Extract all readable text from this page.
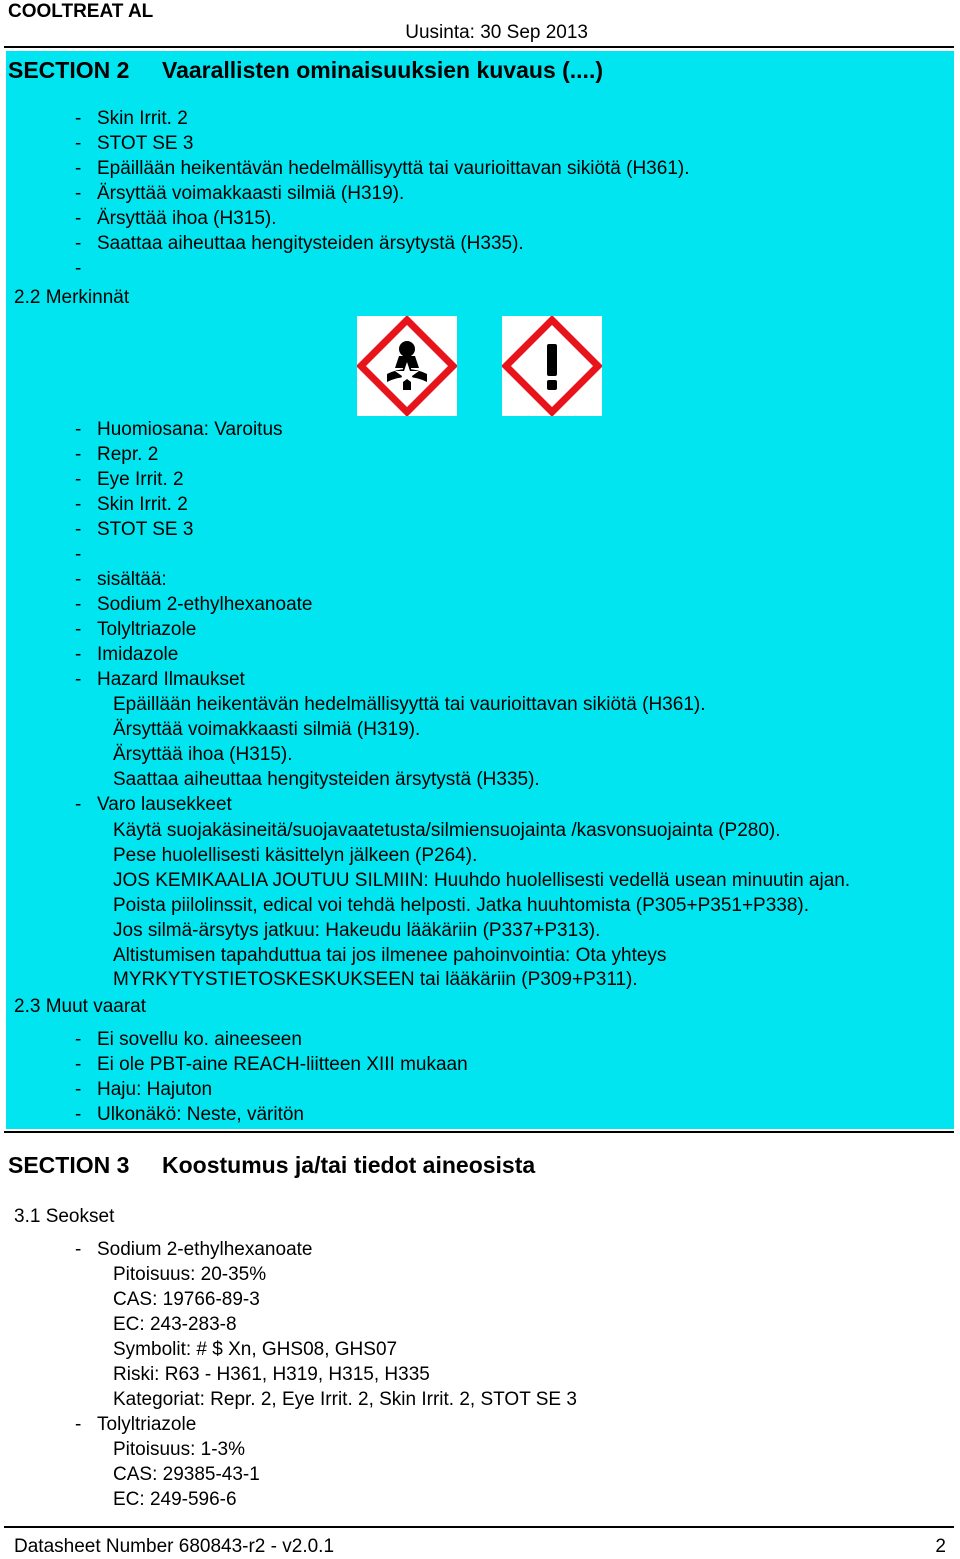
COOLTREAT AL
Uusinta: 30 Sep 2013
SECTION 2 Vaarallisten ominaisuuksien kuvaus (....)
- Skin Irrit. 2
- STOT SE 3
- Epäillään heikentävän hedelmällisyyttä tai vaurioittavan sikiötä (H361).
- Ärsyttää voimakkaasti silmiä (H319).
- Ärsyttää ihoa (H315).
- Saattaa aiheuttaa hengitysteiden ärsytystä (H335).
-
2.2 Merkinnät
- Huomiosana: Varoitus
- Repr. 2
- Eye Irrit. 2
- Skin Irrit. 2
- STOT SE 3
-
- sisältää:
- Sodium 2-ethylhexanoate
- Tolyltriazole
- Imidazole
- Hazard Ilmaukset
Epäillään heikentävän hedelmällisyyttä tai vaurioittavan sikiötä (H361).
Ärsyttää voimakkaasti silmiä (H319).
Ärsyttää ihoa (H315).
Saattaa aiheuttaa hengitysteiden ärsytystä (H335).
- Varo lausekkeet
Käytä suojakäsineitä/suojavaatetusta/silmiensuojainta /kasvonsuojainta (P280).
Pese huolellisesti käsittelyn jälkeen (P264).
JOS KEMIKAALIA JOUTUU SILMIIN: Huuhdo huolellisesti vedellä usean minuutin ajan.
Poista piilolinssit, edical voi tehdä helposti. Jatka huuhtomista (P305+P351+P338).
Jos silmä-ärsytys jatkuu: Hakeudu lääkäriin (P337+P313).
Altistumisen tapahduttua tai jos ilmenee pahoinvointia: Ota yhteys
MYRKYTYSTIETOSKESKUKSEEN tai lääkäriin (P309+P311).
2.3 Muut vaarat
- Ei sovellu ko. aineeseen
- Ei ole PBT-aine REACH-liitteen XIII mukaan
- Haju: Hajuton
- Ulkonäkö: Neste, väritön
SECTION 3 Koostumus ja/tai tiedot aineosista
3.1 Seokset
- Sodium 2-ethylhexanoate
Pitoisuus: 20-35%
CAS: 19766-89-3
EC: 243-283-8
Symbolit: # $ Xn, GHS08, GHS07
Riski: R63 - H361, H319, H315, H335
Kategoriat: Repr. 2, Eye Irrit. 2, Skin Irrit. 2, STOT SE 3
- Tolyltriazole
Pitoisuus: 1-3%
CAS: 29385-43-1
EC: 249-596-6
Datasheet Number 680843-r2 - v2.0.1	2
